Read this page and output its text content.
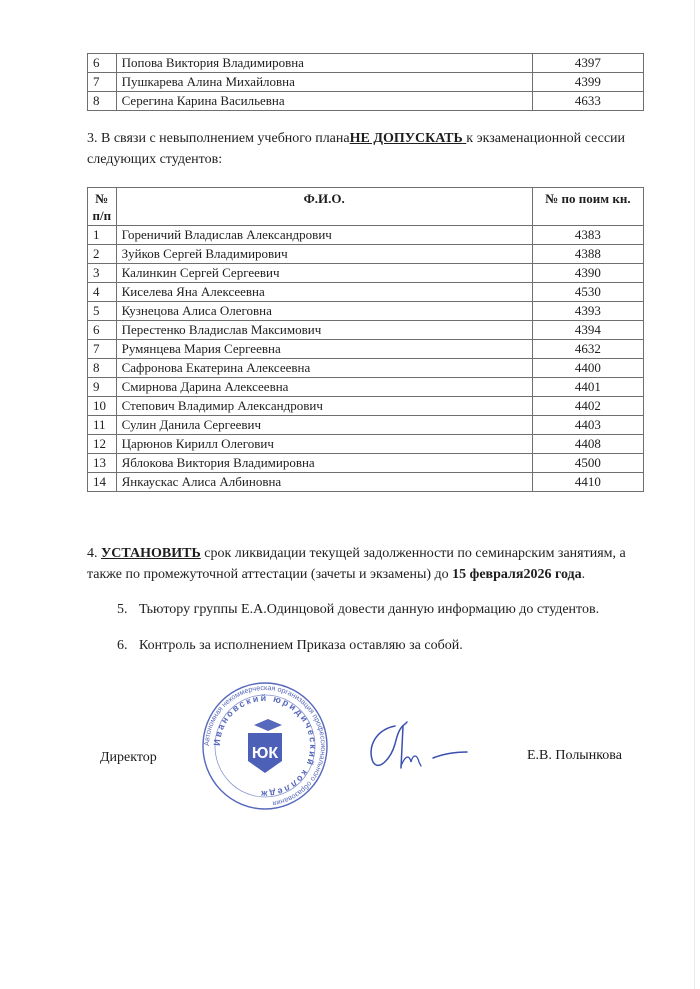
6	Попова Виктория Владимировна	4397
7	Пушкарева Алина Михайловна	4399
8	Серегина Карина Васильевна	4633
3. В связи с невыполнением учебного планаНЕ ДОПУСКАТЬ к экзаменационной сессии
следующих студентов:
№
п/п	Ф.И.О.	№ по поим кн.
1	Гореничий Владислав Александрович	4383
2	Зуйков Сергей Владимирович	4388
3	Калинкин Сергей Сергеевич	4390
4	Киселева Яна Алексеевна	4530
5	Кузнецова Алиса Олеговна	4393
6	Перестенко Владислав Максимович	4394
7	Румянцева Мария Сергеевна	4632
8	Сафронова Екатерина Алексеевна	4400
9	Смирнова Дарина Алексеевна	4401
10	Степович Владимир Александрович	4402
11	Сулин Данила Сергеевич	4403
12	Царюнов Кирилл Олегович	4408
13	Яблокова Виктория Владимировна	4500
14	Янкаускас Алиса Албиновна	4410
4. УСТАНОВИТЬ срок ликвидации текущей задолженности по семинарским занятиям, а
также по промежуточной аттестации (зачеты и экзамены) до 15 февраля2026 года.
5. Тьютору группы Е.А.Одинцовой довести данную информацию до студентов.
6. Контроль за исполнением Приказа оставляю за собой.
Директор
Автономная некоммерческая организация профессионального образования
Ивановский юридический колледж
ЮК	Е.В. Полынкова
